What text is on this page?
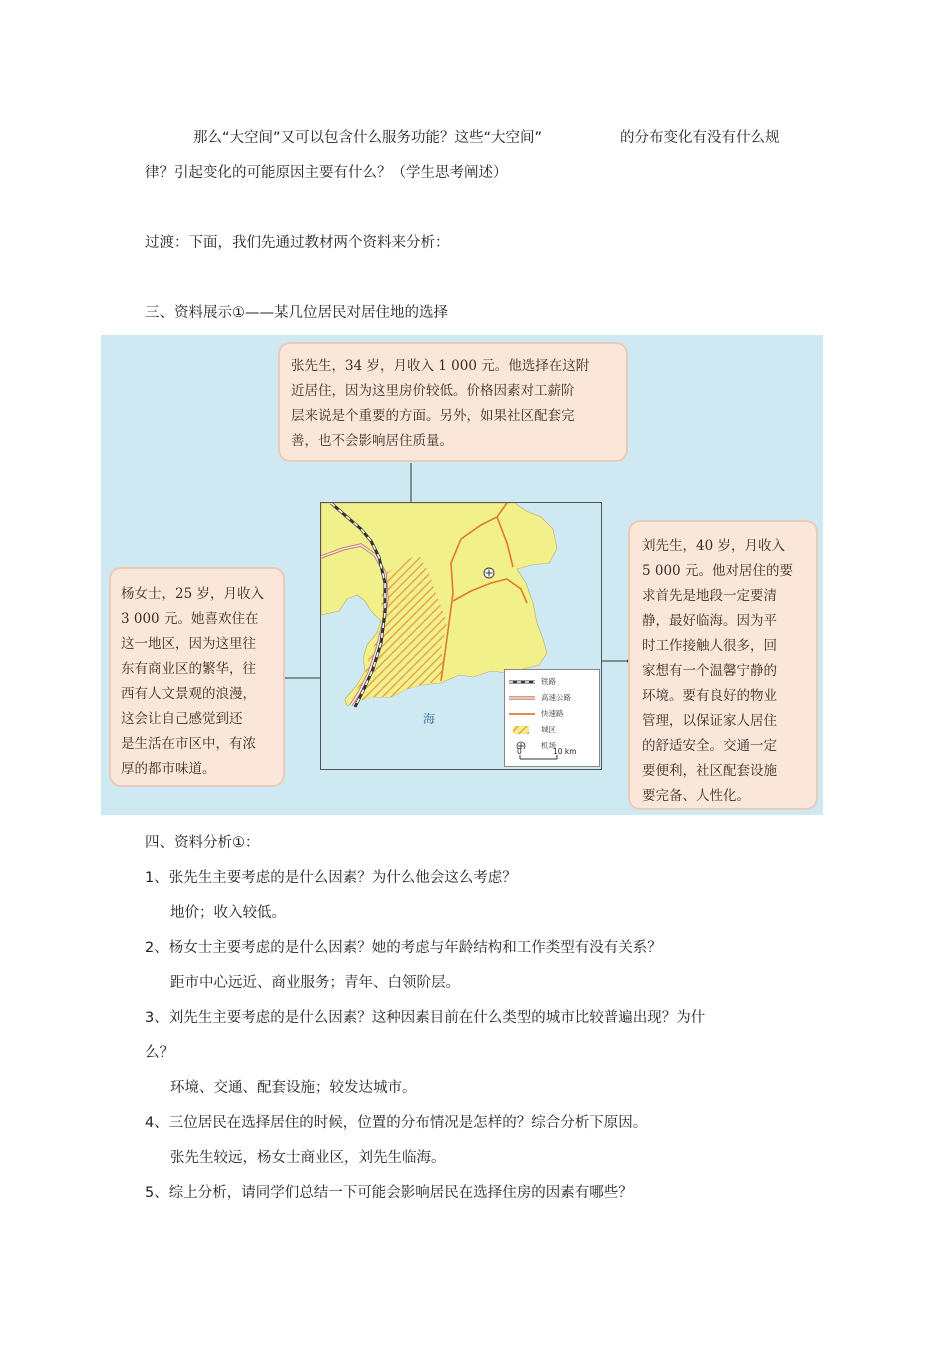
那么“大空间”又可以包含什么服务功能？这些“大空间”	的分布变化有没有什么规
律？引起变化的可能原因主要有什么？（学生思考阐述）
过渡：下面，我们先通过教材两个资料来分析：
三、资料展示①——某几位居民对居住地的选择
张先生，34 岁，月收入 1 000 元。他选择在这附
近居住，因为这里房价较低。价格因素对工薪阶
层来说是个重要的方面。另外，如果社区配套完
善，也不会影响居住质量。
杨女士，25 岁，月收入
3 000 元。她喜欢住在
这一地区，因为这里往
东有商业区的繁华，往
西有人文景观的浪漫，
这会让自己感觉到还
是生活在市区中，有浓
厚的都市味道。
刘先生，40 岁，月收入
5 000 元。他对居住的要
求首先是地段一定要清
静，最好临海。因为平
时工作接触人很多，回
家想有一个温馨宁静的
环境。要有良好的物业
管理，以保证家人居住
的舒适安全。交通一定
要便利，社区配套设施
要完备、人性化。
海
铁路
高速公路
快速路
城区
机场
0	10 km
四、资料分析①：
1、张先生主要考虑的是什么因素？为什么他会这么考虑？
地价；收入较低。
2、杨女士主要考虑的是什么因素？她的考虑与年龄结构和工作类型有没有关系？
距市中心远近、商业服务；青年、白领阶层。
3、刘先生主要考虑的是什么因素？这种因素目前在什么类型的城市比较普遍出现？为什
么？
环境、交通、配套设施；较发达城市。
4、三位居民在选择居住的时候，位置的分布情况是怎样的？综合分析下原因。
张先生较远，杨女士商业区，刘先生临海。
5、综上分析，请同学们总结一下可能会影响居民在选择住房的因素有哪些？
